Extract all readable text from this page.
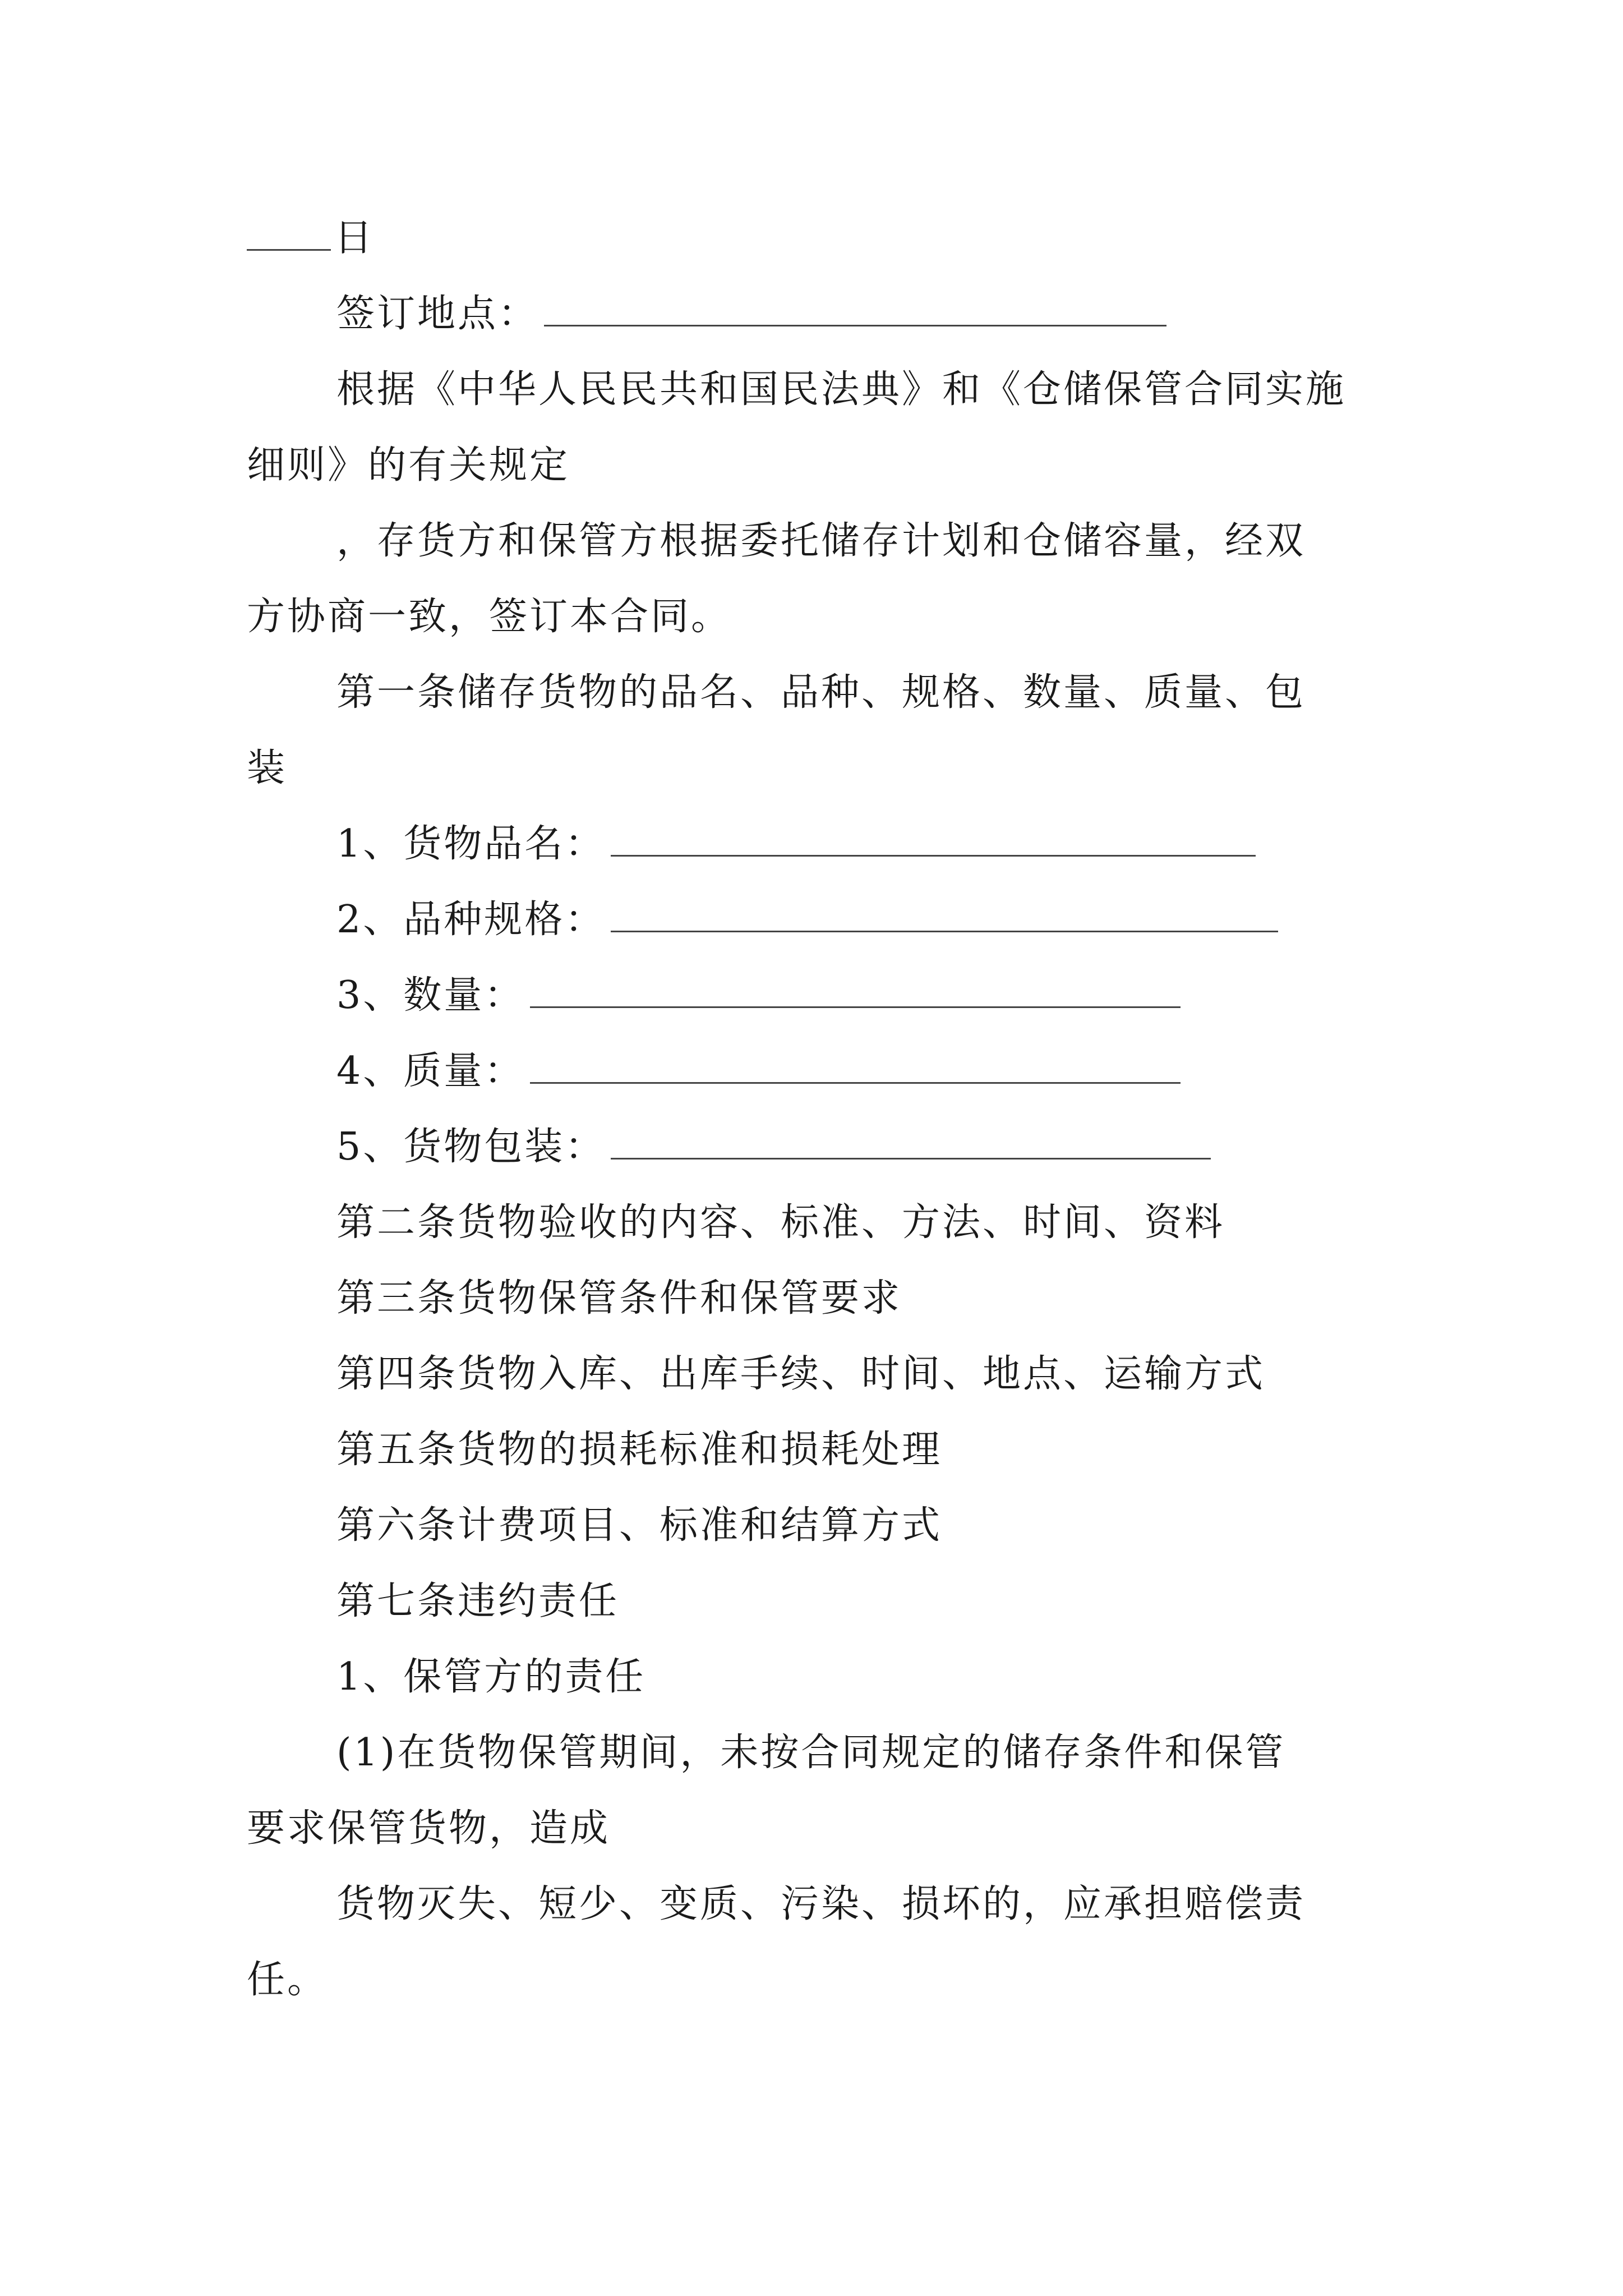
日
签订地点：
根据《中华人民民共和国民法典》和《仓储保管合同实施
细则》的有关规定
，存货方和保管方根据委托储存计划和仓储容量，经双
方协商一致，签订本合同。
第一条储存货物的品名、品种、规格、数量、质量、包
装
1、货物品名：
2、品种规格：
3、数量：
4、质量：
5、货物包装：
第二条货物验收的内容、标准、方法、时间、资料
第三条货物保管条件和保管要求
第四条货物入库、出库手续、时间、地点、运输方式
第五条货物的损耗标准和损耗处理
第六条计费项目、标准和结算方式
第七条违约责任
1、保管方的责任
(1)在货物保管期间，未按合同规定的储存条件和保管
要求保管货物，造成
货物灭失、短少、变质、污染、损坏的，应承担赔偿责
任。
